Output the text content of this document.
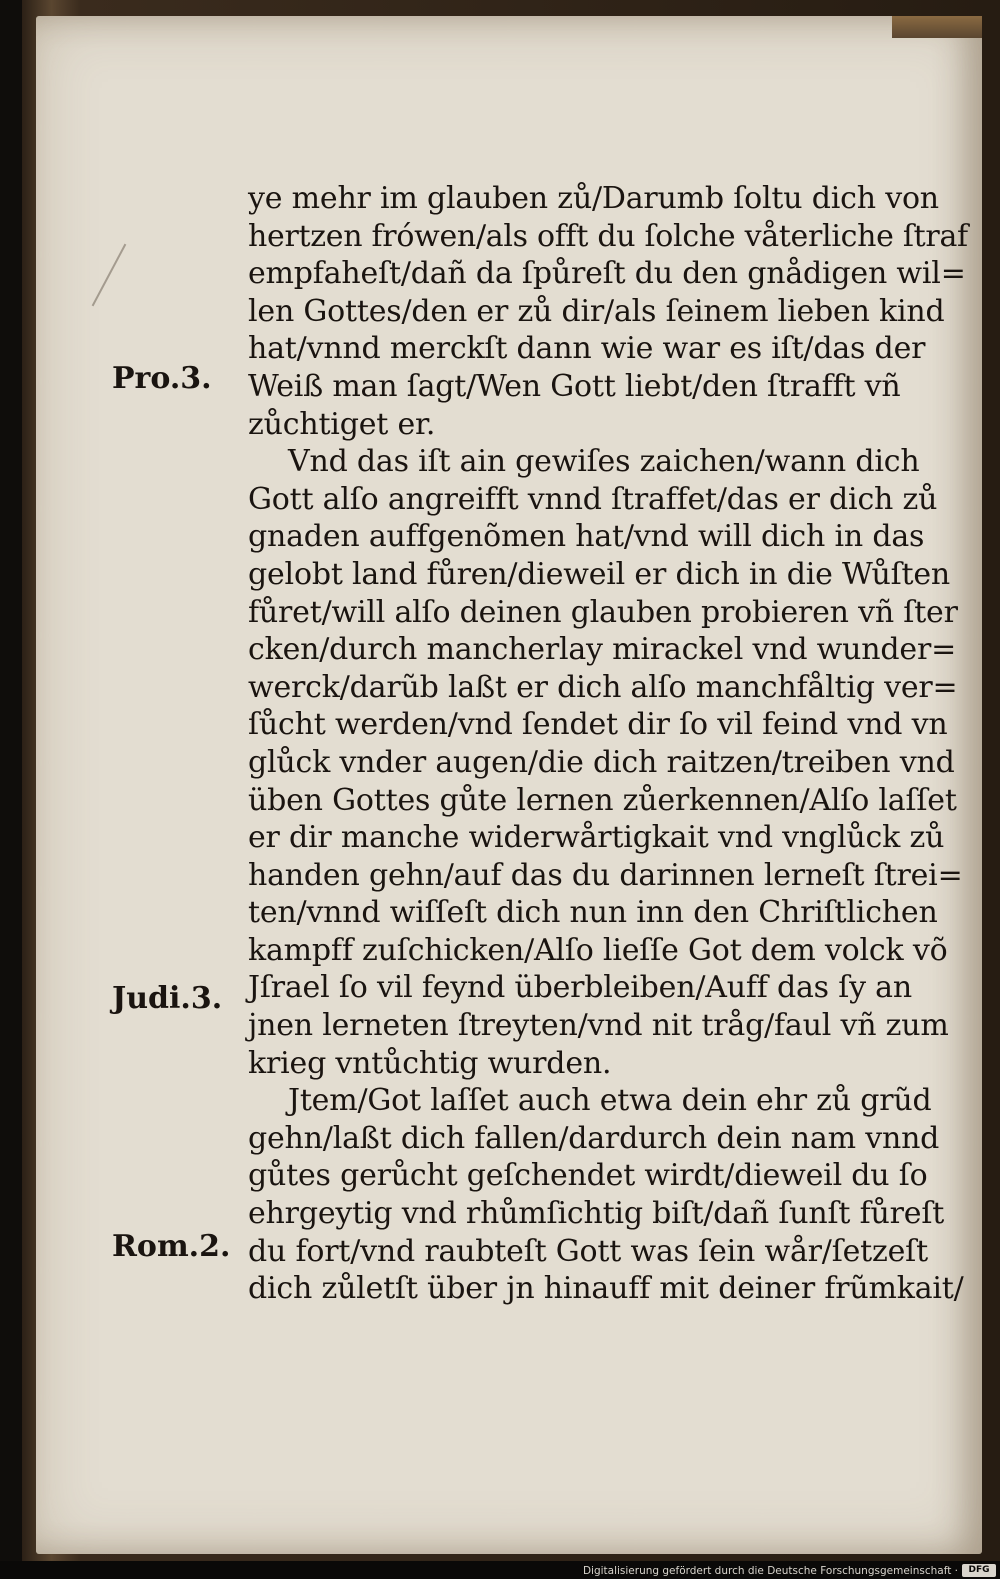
Pro.3.
Judi.3.
Rom.2.
ye mehr im glauben zů/Darumb ſoltu dich von
hertzen frówen/als offt du ſolche våterliche ſtraf
empfaheſt/dañ da ſpůreſt du den gnådigen wil=
len Gottes/den er zů dir/als ſeinem lieben kind
hat/vnnd merckſt dann wie war es iſt/das der
Weiß man ſagt/Wen Gott liebt/den ſtrafft vñ
zůchtiget er.
Vnd das iſt ain gewiſes zaichen/wann dich
Gott alſo angreifft vnnd ſtraffet/das er dich zů
gnaden auffgenõmen hat/vnd will dich in das
gelobt land fůren/dieweil er dich in die Wůſten
fůret/will alſo deinen glauben probieren vñ ſter
cken/durch mancherlay mirackel vnd wunder=
werck/darũb laßt er dich alſo manchfåltig ver=
ſůcht werden/vnd ſendet dir ſo vil feind vnd vn
glůck vnder augen/die dich raitzen/treiben vnd
üben Gottes gůte lernen zůerkennen/Alſo laſſet
er dir manche widerwårtigkait vnd vnglůck zů
handen gehn/auf das du darinnen lerneſt ſtrei=
ten/vnnd wiſſeſt dich nun inn den Chriſtlichen
kampff zuſchicken/Alſo lieſſe Got dem volck võ
Jſrael ſo vil feynd überbleiben/Auff das ſy an
jnen lerneten ſtreyten/vnd nit tråg/faul vñ zum
krieg vntůchtig wurden.
Jtem/Got laſſet auch etwa dein ehr zů grũd
gehn/laßt dich fallen/dardurch dein nam vnnd
gůtes gerůcht geſchendet wirdt/dieweil du ſo
ehrgeytig vnd rhůmſichtig biſt/dañ ſunſt fůreſt
du fort/vnd raubteſt Gott was ſein wår/ſetzeſt
dich zůletſt über jn hinauff mit deiner frũmkait/
Digitalisierung gefördert durch die Deutsche Forschungsgemeinschaft ·	DFG
